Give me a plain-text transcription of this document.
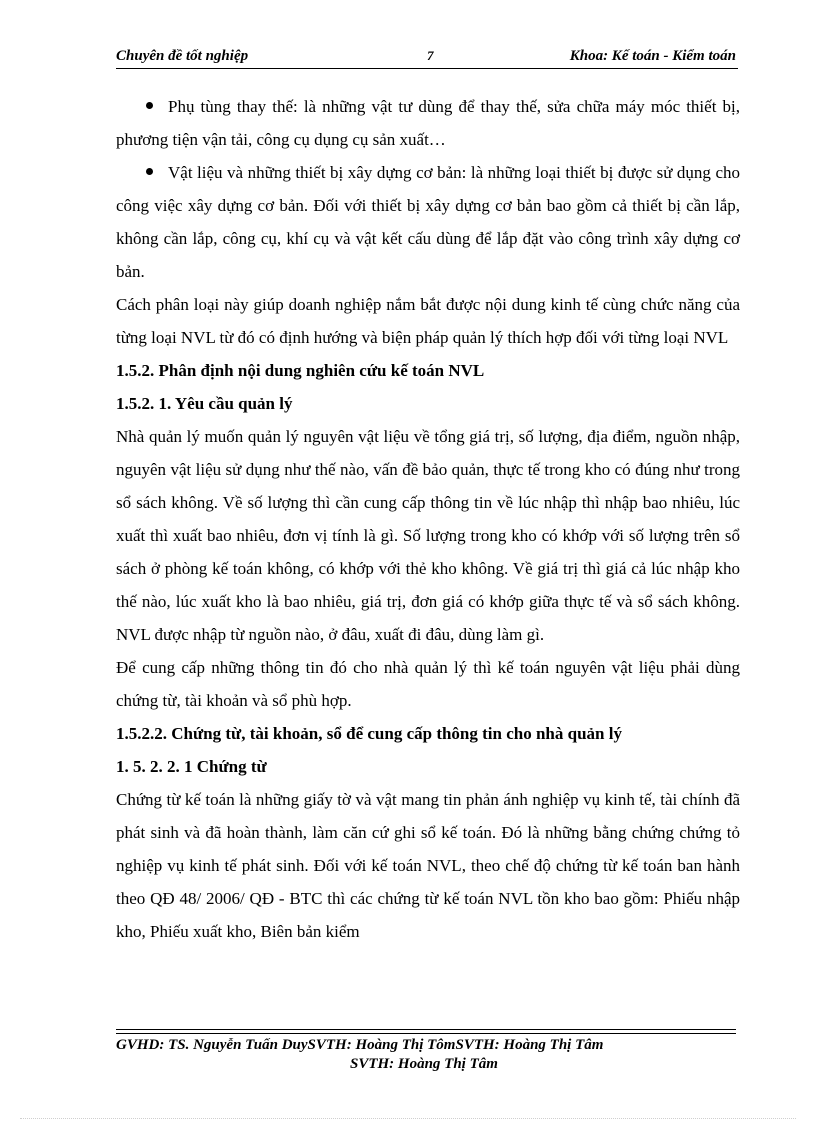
Chuyên đề tốt nghiệp	7	Khoa: Kế toán - Kiểm toán

Phụ tùng thay thế: là những vật tư dùng để thay thế, sửa chữa máy móc thiết bị, phương tiện vận tải, công cụ dụng cụ sản xuất…

Vật liệu và những thiết bị xây dựng cơ bản: là những loại thiết bị được sử dụng cho công việc xây dựng cơ bản. Đối với thiết bị xây dựng cơ bản bao gồm cả thiết bị cần lắp, không cần lắp, công cụ, khí cụ và vật kết cấu dùng để lắp đặt vào công trình xây dựng cơ bản.

Cách phân loại này giúp doanh nghiệp nắm bắt được nội dung kinh tế cùng chức năng của từng loại NVL từ đó có định hướng và biện pháp quản lý thích hợp đối với từng loại NVL

1.5.2. Phân định nội dung nghiên cứu kế toán NVL

1.5.2. 1. Yêu cầu quản lý

Nhà quản lý muốn quản lý nguyên vật liệu về tổng giá trị, số lượng, địa điểm, nguồn nhập, nguyên vật liệu sử dụng như thế nào, vấn đề bảo quản, thực tế trong kho có đúng như trong sổ sách không. Về số lượng thì cần cung cấp thông tin về lúc nhập thì nhập bao nhiêu, lúc xuất thì xuất bao nhiêu, đơn vị tính là gì. Số lượng trong kho có khớp với số lượng trên sổ sách ở phòng kế toán không, có khớp với thẻ kho không. Về giá trị thì giá cả lúc nhập kho thế nào, lúc xuất kho là bao nhiêu, giá trị, đơn giá có khớp giữa thực tế và sổ sách không. NVL được nhập từ nguồn nào, ở đâu, xuất đi đâu, dùng làm gì.

Để cung cấp những thông tin đó cho nhà quản lý thì kế toán nguyên vật liệu phải dùng chứng từ, tài khoản và sổ phù hợp.

1.5.2.2. Chứng từ, tài khoản, sổ để cung cấp thông tin cho nhà quản lý

1. 5. 2. 2. 1 Chứng từ

Chứng từ kế toán là những giấy tờ và vật mang tin phản ánh nghiệp vụ kinh tế, tài chính đã phát sinh và đã hoàn thành, làm căn cứ ghi sổ kế toán. Đó là những bằng chứng chứng tỏ nghiệp vụ kinh tế phát sinh. Đối với kế toán NVL, theo chế độ chứng từ kế toán ban hành theo QĐ 48/ 2006/ QĐ - BTC thì các chứng từ kế toán NVL tồn kho bao gồm: Phiếu nhập kho, Phiếu xuất kho, Biên bản kiểm

GVHD: TS. Nguyễn Tuấn DuySVTH: Hoàng Thị TômSVTH: Hoàng Thị Tâm
SVTH: Hoàng Thị Tâm
